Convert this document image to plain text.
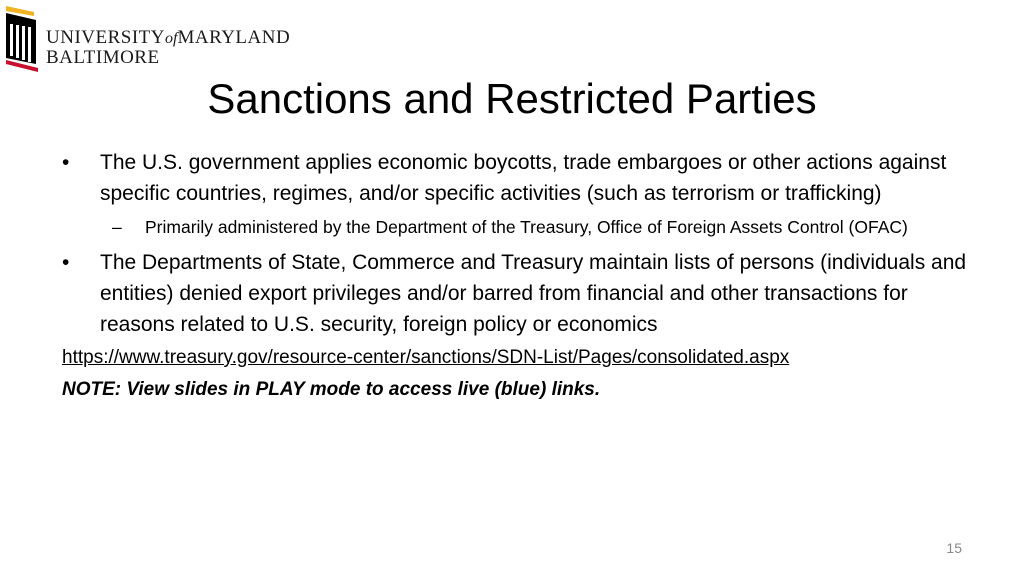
UNIVERSITYofMARYLAND
BALTIMORE
Sanctions and Restricted Parties
•	The U.S. government applies economic boycotts, trade embargoes or other actions against specific countries, regimes, and/or specific activities (such as terrorism or trafficking)
– Primarily administered by the Department of the Treasury, Office of Foreign Assets Control (OFAC)
•	The Departments of State, Commerce and Treasury maintain lists of persons (individuals and entities) denied export privileges and/or barred from financial and other transactions for reasons related to U.S. security, foreign policy or economics
https://www.treasury.gov/resource-center/sanctions/SDN-List/Pages/consolidated.aspx
NOTE: View slides in PLAY mode to access live (blue) links.
15
